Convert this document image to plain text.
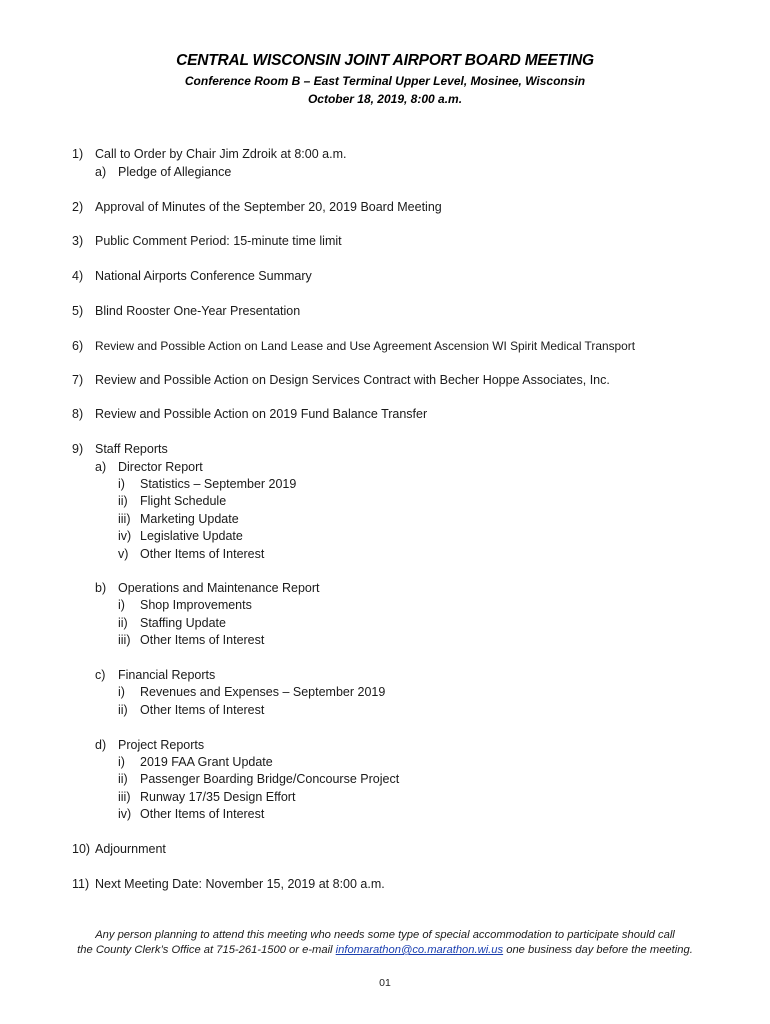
CENTRAL WISCONSIN JOINT AIRPORT BOARD MEETING
Conference Room B – East Terminal Upper Level, Mosinee, Wisconsin
October 18, 2019, 8:00 a.m.
1) Call to Order by Chair Jim Zdroik at 8:00 a.m.
a) Pledge of Allegiance
2) Approval of Minutes of the September 20, 2019 Board Meeting
3) Public Comment Period: 15-minute time limit
4) National Airports Conference Summary
5) Blind Rooster One-Year Presentation
6) Review and Possible Action on Land Lease and Use Agreement Ascension WI Spirit Medical Transport
7) Review and Possible Action on Design Services Contract with Becher Hoppe Associates, Inc.
8) Review and Possible Action on 2019 Fund Balance Transfer
9) Staff Reports
a) Director Report
i) Statistics – September 2019
ii) Flight Schedule
iii) Marketing Update
iv) Legislative Update
v) Other Items of Interest
b) Operations and Maintenance Report
i) Shop Improvements
ii) Staffing Update
iii) Other Items of Interest
c) Financial Reports
i) Revenues and Expenses – September 2019
ii) Other Items of Interest
d) Project Reports
i) 2019 FAA Grant Update
ii) Passenger Boarding Bridge/Concourse Project
iii) Runway 17/35 Design Effort
iv) Other Items of Interest
10) Adjournment
11) Next Meeting Date: November 15, 2019 at 8:00 a.m.
Any person planning to attend this meeting who needs some type of special accommodation to participate should call
the County Clerk’s Office at 715-261-1500 or e-mail infomarathon@co.marathon.wi.us one business day before the meeting.
01
